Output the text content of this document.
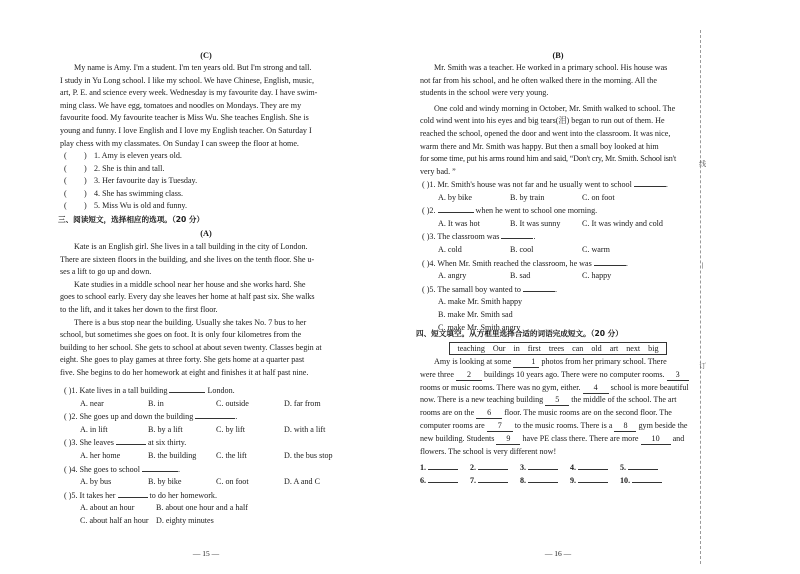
(C)
My name is Amy. I'm a student. I'm ten years old. But I'm strong and tall.
I study in Yu Long school. I like my school. We have Chinese, English, music,
art, P. E. and science every week. Wednesday is my favourite day. I have swim-
ming class. We have egg, tomatoes and noodles on Mondays. They are my
favourite food. My favourite teacher is Miss Wu. She teaches English. She is
young and funny. I love English and I love my English teacher. On Saturday I
play chess with my classmates. On Sunday I can sweep the floor at home.
(	) 1. Amy is eleven years old.
(	) 2. She is thin and tall.
(	) 3. Her favourite day is Tuesday.
(	) 4. She has swimming class.
(	) 5. Miss Wu is old and funny.
三、阅读短文，选择相应的选项。（20 分）
(A)
Kate is an English girl. She lives in a tall building in the city of London.
There are sixteen floors in the building, and she lives on the tenth floor. She u-
ses a lift to go up and down.
Kate studies in a middle school near her house and she works hard. She
goes to school early. Every day she leaves her home at half past six. She walks
to the lift, and it takes her down to the first floor.
There is a bus stop near the building. Usually she takes No. 7 bus to her
school, but sometimes she goes on foot. It is only four kilometres from the
building to her school. She gets to school at about seven twenty. Classes begin at
eight. She goes to play games at three forty. She gets home at a quarter past
five. She begins to do her homework at eight and finishes it at half past nine.
( )1. Kate lives in a tall building	London.
A. near	B. in	C. outside	D. far from
( )2. She goes up and down the building	.
A. in lift	B. by a lift	C. by lift	D. with a lift
( )3. She leaves	at six thirty.
A. her home	B. the building	C. the lift	D. the bus stop
( )4. She goes to school	.
A. by bus	B. by bike	C. on foot	D. A and C
( )5. It takes her	to do her homework.
A. about an hour	B. about one hour and a half
C. about half an hour D. eighty minutes
— 15 —
(B)
Mr. Smith was a teacher. He worked in a primary school. His house was
not far from his school, and he often walked there in the morning. All the
students in the school were very young.
One cold and windy morning in October, Mr. Smith walked to school. The
cold wind went into his eyes and big tears(泪) began to run out of them. He
reached the school, opened the door and went into the classroom. It was nice,
warm there and Mr. Smith was happy. But then a small boy looked at him
for some time, put his arms round him and said, “Don't cry, Mr. Smith. School isn't
very bad. ”
( )1. Mr. Smith's house was not far and he usually went to school	.
A. by bike	B. by train	C. on foot
( )2.	when he went to school one morning.
A. It was hot	B. It was sunny	C. It was windy and cold
( )3. The classroom was	.
A. cold	B. cool	C. warm
( )4. When Mr. Smith reached the classroom, he was	.
A. angry	B. sad	C. happy
( )5. The samall boy wanted to	.
A. make Mr. Smith happy
B. make Mr. Smith sad
C. make Mr. Smith angry
四、短文填空。从方框里选择合适的词语完成短文。（20 分）
teaching Our in first trees can old art next big
Amy is looking at some 1 photos from her primary school. There
were three 2 buildings 10 years ago. There were no computer rooms. 3
rooms or music rooms. There was no gym, either. 4 school is more beautiful
now. There is a new teaching building 5 the middle of the school. The art
rooms are on the 6 floor. The music rooms are on the second floor. The
computer rooms are 7 to the music rooms. There is a 8 gym beside the
new building. Students 9 have PE class there. There are more 10 and
flowers. The school is very different now!
1.	2.	3.	4.	5.
6.	7.	8.	9.	10.
— 16 —
线
—
订
